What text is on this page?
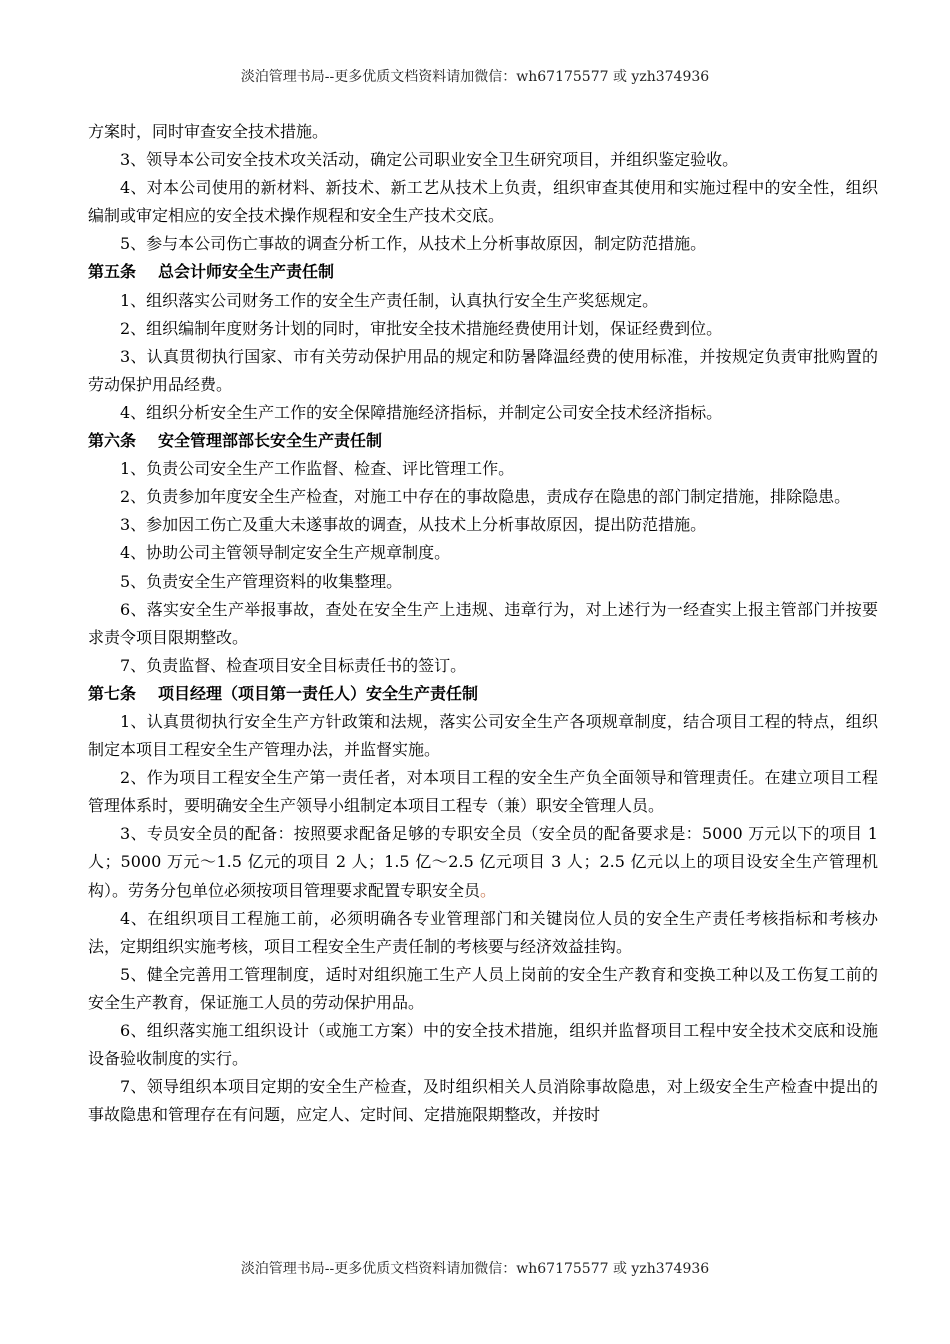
淡泊管理书局--更多优质文档资料请加微信：wh67175577 或 yzh374936

方案时，同时审查安全技术措施。

3、领导本公司安全技术攻关活动，确定公司职业安全卫生研究项目，并组织鉴定验收。

4、对本公司使用的新材料、新技术、新工艺从技术上负责，组织审查其使用和实施过程中的安全性，组织编制或审定相应的安全技术操作规程和安全生产技术交底。

5、参与本公司伤亡事故的调查分析工作，从技术上分析事故原因，制定防范措施。

第五条 总会计师安全生产责任制

1、组织落实公司财务工作的安全生产责任制，认真执行安全生产奖惩规定。

2、组织编制年度财务计划的同时，审批安全技术措施经费使用计划，保证经费到位。

3、认真贯彻执行国家、市有关劳动保护用品的规定和防暑降温经费的使用标准，并按规定负责审批购置的劳动保护用品经费。

4、组织分析安全生产工作的安全保障措施经济指标，并制定公司安全技术经济指标。

第六条 安全管理部部长安全生产责任制

1、负责公司安全生产工作监督、检查、评比管理工作。

2、负责参加年度安全生产检查，对施工中存在的事故隐患，责成存在隐患的部门制定措施，排除隐患。

3、参加因工伤亡及重大未遂事故的调查，从技术上分析事故原因，提出防范措施。

4、协助公司主管领导制定安全生产规章制度。

5、负责安全生产管理资料的收集整理。

6、落实安全生产举报事故，查处在安全生产上违规、违章行为，对上述行为一经查实上报主管部门并按要求责令项目限期整改。

7、负责监督、检查项目安全目标责任书的签订。

第七条 项目经理（项目第一责任人）安全生产责任制

1、认真贯彻执行安全生产方针政策和法规，落实公司安全生产各项规章制度，结合项目工程的特点，组织制定本项目工程安全生产管理办法，并监督实施。

2、作为项目工程安全生产第一责任者，对本项目工程的安全生产负全面领导和管理责任。在建立项目工程管理体系时，要明确安全生产领导小组制定本项目工程专（兼）职安全管理人员。

3、专员安全员的配备：按照要求配备足够的专职安全员（安全员的配备要求是：5000 万元以下的项目 1 人；5000 万元～1.5 亿元的项目 2 人；1.5 亿～2.5 亿元项目 3 人；2.5 亿元以上的项目设安全生产管理机构）。劳务分包单位必须按项目管理要求配置专职安全员。

4、在组织项目工程施工前，必须明确各专业管理部门和关键岗位人员的安全生产责任考核指标和考核办法，定期组织实施考核，项目工程安全生产责任制的考核要与经济效益挂钩。

5、健全完善用工管理制度，适时对组织施工生产人员上岗前的安全生产教育和变换工种以及工伤复工前的安全生产教育，保证施工人员的劳动保护用品。

6、组织落实施工组织设计（或施工方案）中的安全技术措施，组织并监督项目工程中安全技术交底和设施设备验收制度的实行。

7、领导组织本项目定期的安全生产检查，及时组织相关人员消除事故隐患，对上级安全生产检查中提出的事故隐患和管理存在有问题，应定人、定时间、定措施限期整改，并按时

淡泊管理书局--更多优质文档资料请加微信：wh67175577 或 yzh374936
